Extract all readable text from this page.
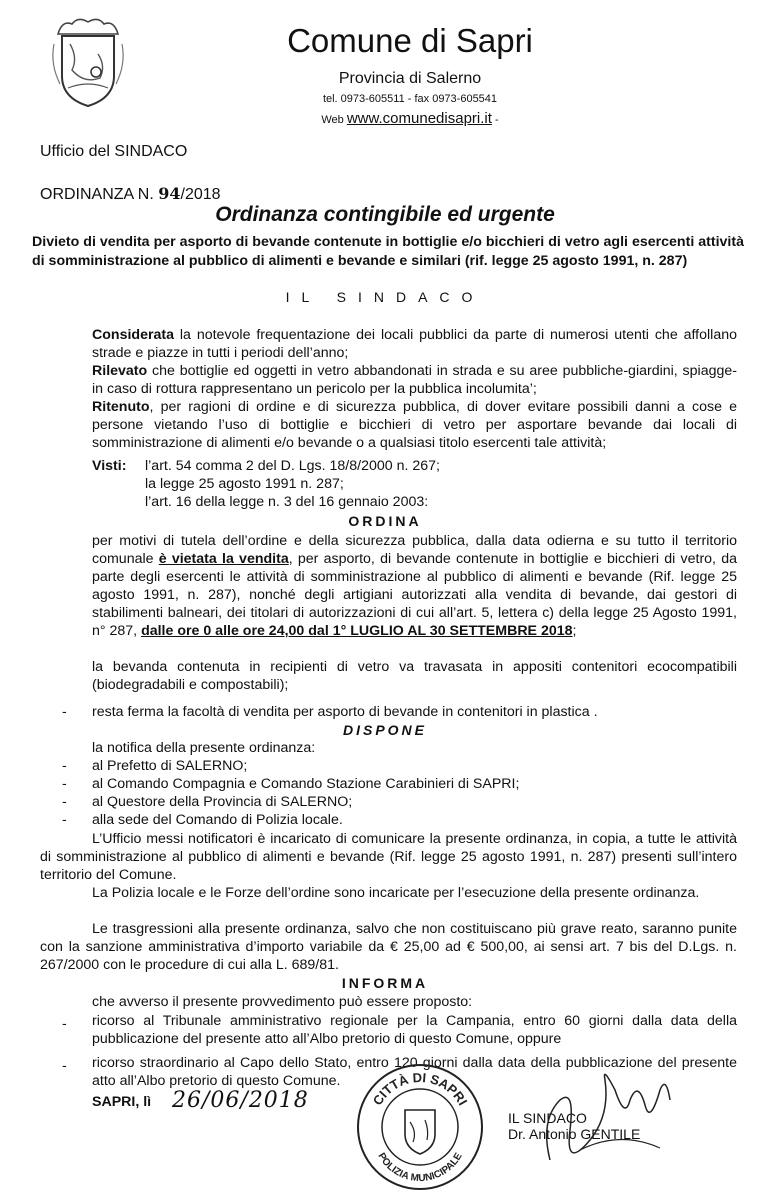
Comune di Sapri
Provincia di Salerno
tel. 0973-605511 - fax 0973-605541
Web www.comunedisapri.it -
Ufficio del SINDACO
ORDINANZA N. 94/2018
Ordinanza contingibile ed urgente
Divieto di vendita per asporto di bevande contenute in bottiglie e/o bicchieri di vetro agli esercenti attività di somministrazione al pubblico di alimenti e bevande e similari (rif. legge 25 agosto 1991, n. 287)
IL SINDACO

Considerata la notevole frequentazione dei locali pubblici da parte di numerosi utenti che affollano strade e piazze in tutti i periodi dell’anno;

Rilevato che bottiglie ed oggetti in vetro abbandonati in strada e su aree pubbliche-giardini, spiagge- in caso di rottura rappresentano un pericolo per la pubblica incolumita’;

Ritenuto, per ragioni di ordine e di sicurezza pubblica, di dover evitare possibili danni a cose e persone vietando l’uso di bottiglie e bicchieri di vetro per asportare bevande dai locali di somministrazione di alimenti e/o bevande o a qualsiasi titolo esercenti tale attività;

Visti: l’art. 54 comma 2 del D. Lgs. 18/8/2000 n. 267;
la legge 25 agosto 1991 n. 287;
l’art. 16 della legge n. 3 del 16 gennaio 2003:
ORDINA

per motivi di tutela dell’ordine e della sicurezza pubblica, dalla data odierna e su tutto il territorio comunale è vietata la vendita, per asporto, di bevande contenute in bottiglie e bicchieri di vetro, da parte degli esercenti le attività di somministrazione al pubblico di alimenti e bevande (Rif. legge 25 agosto 1991, n. 287), nonché degli artigiani autorizzati alla vendita di bevande, dai gestori di stabilimenti balneari, dei titolari di autorizzazioni di cui all’art. 5, lettera c) della legge 25 Agosto 1991, n° 287, dalle ore 0 alle ore 24,00 dal 1° LUGLIO AL 30 SETTEMBRE 2018;

la bevanda contenuta in recipienti di vetro va travasata in appositi contenitori ecocompatibili (biodegradabili e compostabili);

- resta ferma la facoltà di vendita per asporto di bevande in contenitori in plastica .
DISPONE
la notifica della presente ordinanza:
- al Prefetto di SALERNO;
- al Comando Compagnia e Comando Stazione Carabinieri di SAPRI;
- al Questore della Provincia di SALERNO;
- alla sede del Comando di Polizia locale.

L’Ufficio messi notificatori è incaricato di comunicare la presente ordinanza, in copia, a tutte le attività di somministrazione al pubblico di alimenti e bevande (Rif. legge 25 agosto 1991, n. 287) presenti sull’intero territorio del Comune.

La Polizia locale e le Forze dell’ordine sono incaricate per l’esecuzione della presente ordinanza.

Le trasgressioni alla presente ordinanza, salvo che non costituiscano più grave reato, saranno punite con la sanzione amministrativa d’importo variabile da € 25,00 ad € 500,00, ai sensi art. 7 bis del D.Lgs. n. 267/2000 con le procedure di cui alla L. 689/81.

INFORMA
che avverso il presente provvedimento può essere proposto:
- ricorso al Tribunale amministrativo regionale per la Campania, entro 60 giorni dalla data della pubblicazione del presente atto all’Albo pretorio di questo Comune, oppure

- ricorso straordinario al Capo dello Stato, entro 120 giorni dalla data della pubblicazione del presente atto all’Albo pretorio di questo Comune.

SAPRI, lì 26/06/2018	CITTÀ DI SAPRI
POLIZIA MUNICIPALE
IL SINDACO
Dr. Antonio GENTILE
